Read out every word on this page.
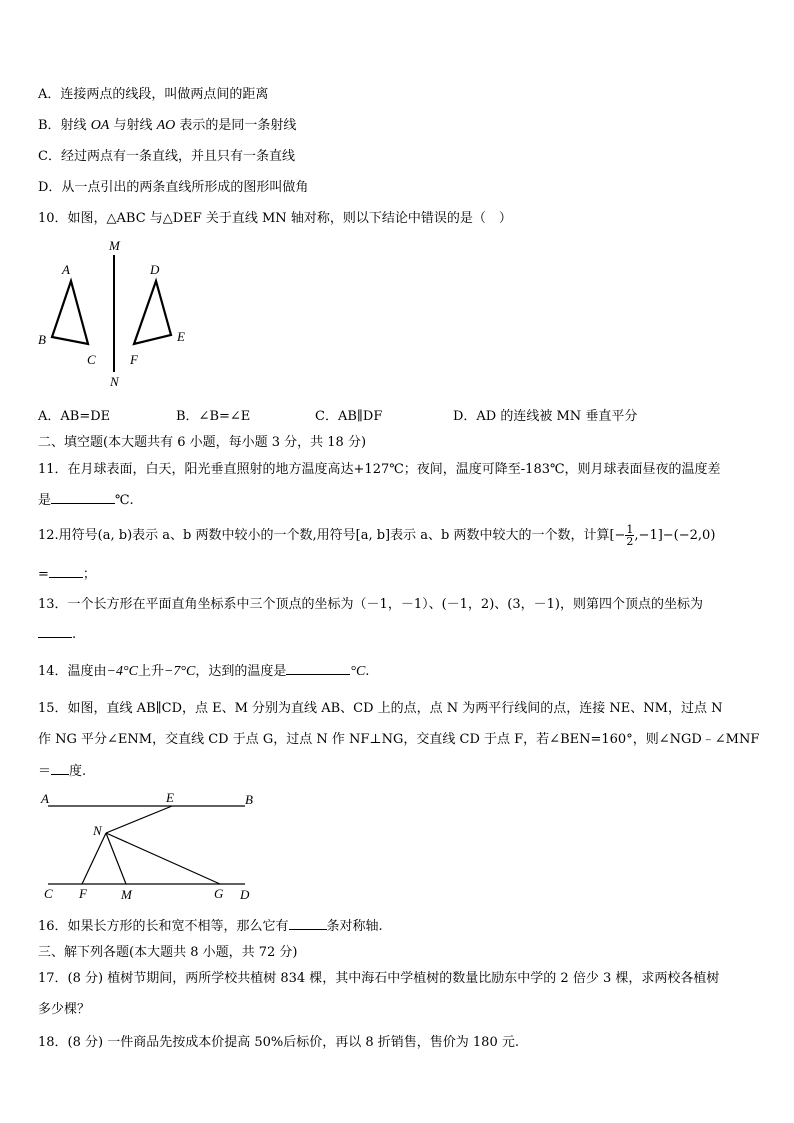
A．连接两点的线段，叫做两点间的距离
B．射线 OA 与射线 AO 表示的是同一条射线
C．经过两点有一条直线，并且只有一条直线
D．从一点引出的两条直线所形成的图形叫做角
10．如图，△ABC 与△DEF 关于直线 MN 轴对称，则以下结论中错误的是（　）
A
B
C
D
E
F
M
N
A．AB=DE	B．∠B=∠E	C．AB∥DF	D．AD 的连线被 MN 垂直平分
二、填空题(本大题共有 6 小题，每小题 3 分，共 18 分)
11．在月球表面，白天，阳光垂直照射的地方温度高达+127℃；夜间，温度可降至-183℃，则月球表面昼夜的温度差
是	℃.
12.用符号(a, b)表示 a、b 两数中较小的一个数,用符号[a, b]表示 a、b 两数中较大的一个数，计算[− $\frac{1}{2} ,-1]-(-2,0)$
=	；
13．一个长方形在平面直角坐标系中三个顶点的坐标为（－1，－1）、(－1，2)、(3，－1)，则第四个顶点的坐标为
.
14．温度由−4°C上升−7°C，达到的温度是	°C.
15．如图，直线 AB∥CD，点 E、M 分别为直线 AB、CD 上的点，点 N 为两平行线间的点，连接 NE、NM，过点 N
作 NG 平分∠ENM，交直线 CD 于点 G，过点 N 作 NF⊥NG，交直线 CD 于点 F，若∠BEN=160°，则∠NGD﹣∠MNF
＝ 度.
A	E	B
N
C F	M	G D
16．如果长方形的长和宽不相等，那么它有	条对称轴.
三、解下列各题(本大题共 8 小题，共 72 分)
17．(8 分) 植树节期间，两所学校共植树 834 棵，其中海石中学植树的数量比励东中学的 2 倍少 3 棵，求两校各植树
多少棵？
18．(8 分) 一件商品先按成本价提高 50%后标价，再以 8 折销售，售价为 180 元.
